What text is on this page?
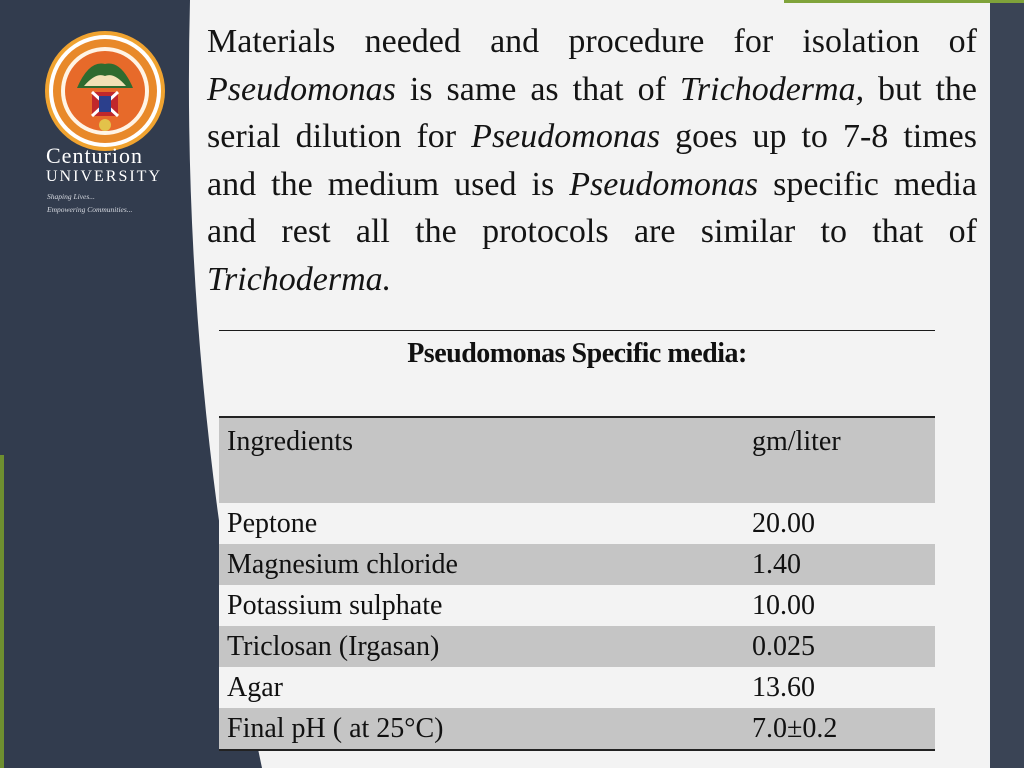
Centurion
UNIVERSITY
Shaping Lives...
Empowering Communities...
Materials needed and procedure for isolation of Pseudomonas is same as that of Trichoderma, but the serial dilution for Pseudomonas goes up to 7-8 times and the medium used is Pseudomonas specific media and rest all the protocols are similar to that of Trichoderma.
Pseudomonas Specific media:
Ingredients	gm/liter
Peptone	20.00
Magnesium chloride	1.40
Potassium sulphate	10.00
Triclosan (Irgasan)	0.025
Agar	13.60
Final pH ( at 25°C)	7.0±0.2
